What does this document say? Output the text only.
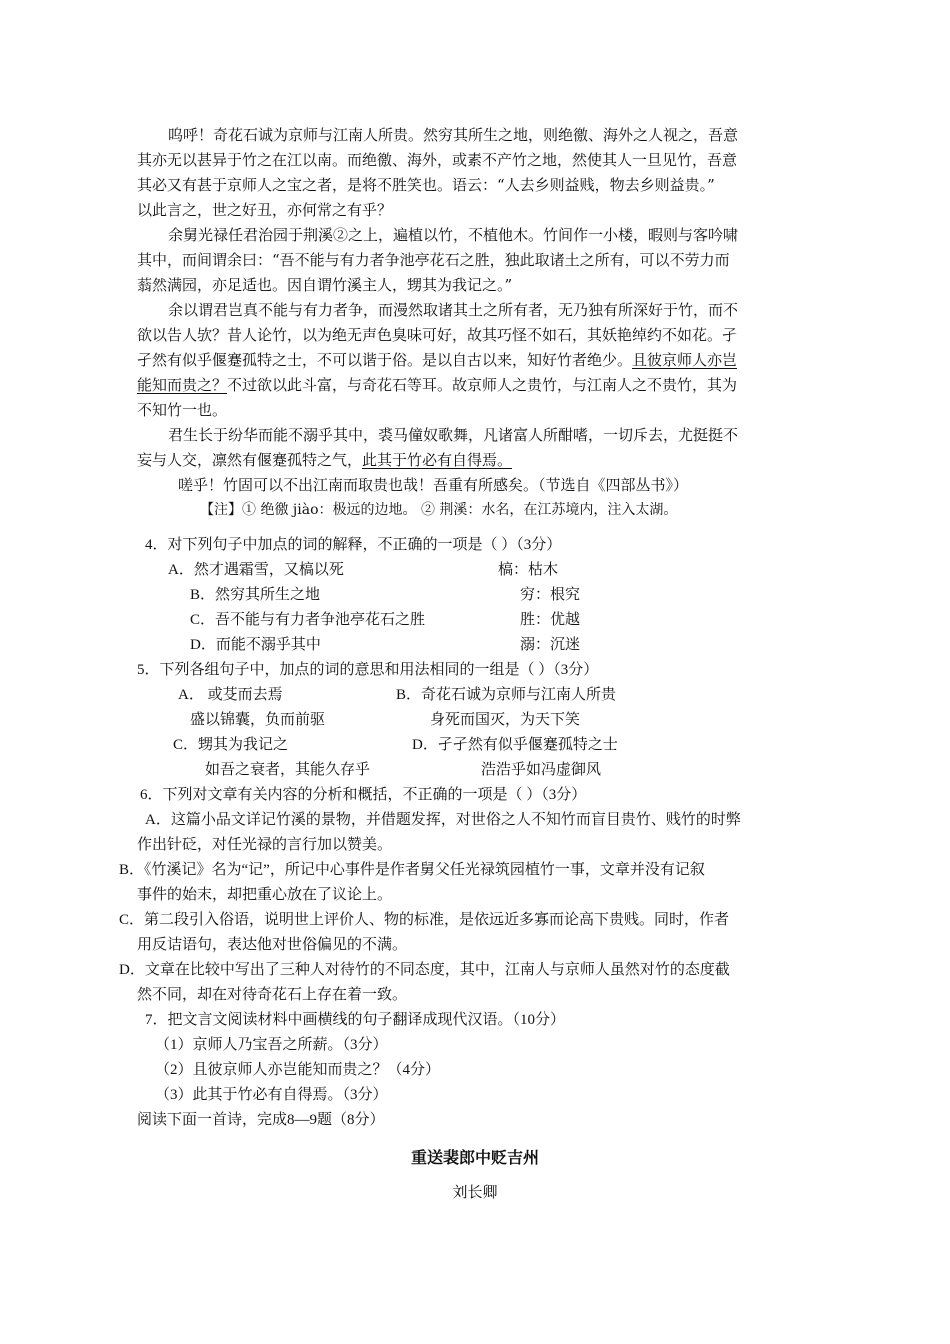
呜呼！奇花石诚为京师与江南人所贵。然穷其所生之地，则绝徼、海外之人视之，吾意
其亦无以甚异于竹之在江以南。而绝徼、海外，或素不产竹之地，然使其人一旦见竹，吾意
其必又有甚于京师人之宝之者，是将不胜笑也。语云：“人去乡则益贱，物去乡则益贵。”
以此言之，世之好丑，亦何常之有乎？
余舅光禄任君治园于荆溪②之上，遍植以竹，不植他木。竹间作一小楼，暇则与客吟啸
其中，而间谓余曰：“吾不能与有力者争池亭花石之胜，独此取诸土之所有，可以不劳力而
蓊然满园，亦足适也。因自谓竹溪主人，甥其为我记之。”
余以谓君岂真不能与有力者争，而漫然取诸其土之所有者，无乃独有所深好于竹，而不
欲以告人欤？昔人论竹，以为绝无声色臭味可好，故其巧怪不如石，其妖艳绰约不如花。孑
孑然有似乎偃蹇孤特之士，不可以谐于俗。是以自古以来，知好竹者绝少。且彼京师人亦岂
能知而贵之？不过欲以此斗富，与奇花石等耳。故京师人之贵竹，与江南人之不贵竹，其为
不知竹一也。
君生长于纷华而能不溺乎其中，裘马僮奴歌舞，凡诸富人所酣嗜，一切斥去，尤挺挺不
妄与人交，凛然有偃蹇孤特之气，此其于竹必有自得焉。
嗟乎！竹固可以不出江南而取贵也哉！吾重有所感矣。（节选自《四部丛书》）
【注】① 绝徼 jiào：极远的边地。 ② 荆溪：水名，在江苏境内，注入太湖。
4．对下列句子中加点的词的解释，不正确的一项是（ ）（3分）
A．然才遇霜雪，又槁以死	槁：枯木
B．然穷其所生之地	穷：根究
C．吾不能与有力者争池亭花石之胜	胜：优越
D．而能不溺乎其中	溺：沉迷
5．下列各组句子中，加点的词的意思和用法相同的一组是（ ）（3分）
A． 或芟而去焉
盛以锦囊，负而前驱
B．奇花石诚为京师与江南人所贵
身死而国灭，为天下笑
C．甥其为我记之
如吾之衰者，其能久存乎
D．孑孑然有似乎偃蹇孤特之士
浩浩乎如冯虚御风
6．下列对文章有关内容的分析和概括，不正确的一项是（ ）（3分）
A．这篇小品文详记竹溪的景物，并借题发挥，对世俗之人不知竹而盲目贵竹、贱竹的时弊
作出针砭，对任光禄的言行加以赞美。
B．《竹溪记》名为“记”，所记中心事件是作者舅父任光禄筑园植竹一事，文章并没有记叙
事件的始末，却把重心放在了议论上。
C．第二段引入俗语，说明世上评价人、物的标准，是依远近多寡而论高下贵贱。同时，作者
用反诘语句，表达他对世俗偏见的不满。
D．文章在比较中写出了三种人对待竹的不同态度，其中，江南人与京师人虽然对竹的态度截
然不同，却在对待奇花石上存在着一致。
7．把文言文阅读材料中画横线的句子翻译成现代汉语。（10分）
（1）京师人乃宝吾之所薪。（3分）
（2）且彼京师人亦岂能知而贵之？（4分）
（3）此其于竹必有自得焉。（3分）
阅读下面一首诗，完成8—9题（8分）
重送裴郎中贬吉州
刘长卿
